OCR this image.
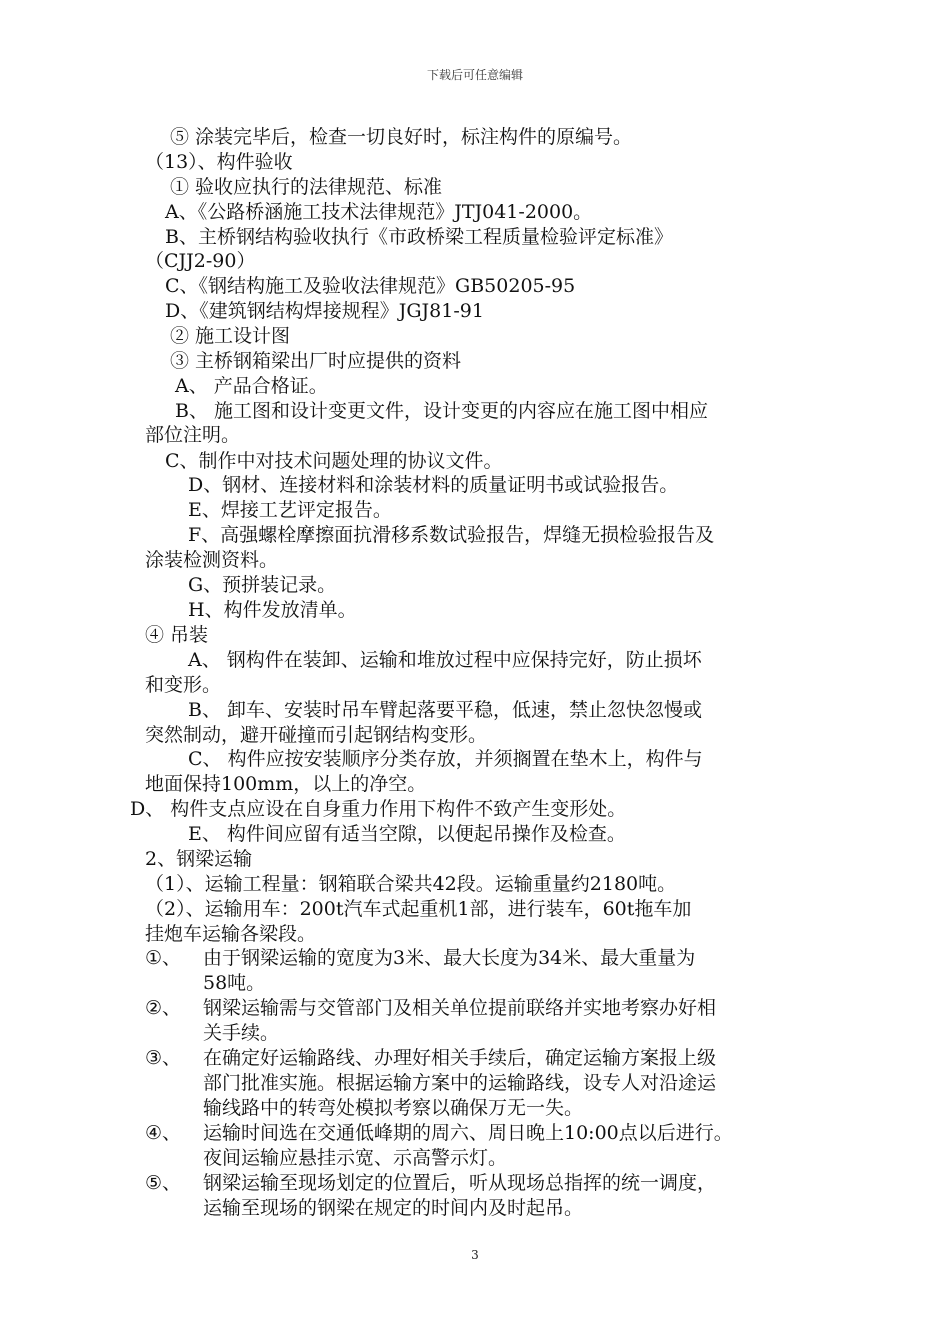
下载后可任意编辑
⑤ 涂装完毕后，检查一切良好时，标注构件的原编号。
（13）、构件验收
① 验收应执行的法律规范、标准
A、《公路桥涵施工技术法律规范》JTJ041-2000。
B、主桥钢结构验收执行《市政桥梁工程质量检验评定标准》
（CJJ2-90）
C、《钢结构施工及验收法律规范》GB50205-95
D、《建筑钢结构焊接规程》JGJ81-91
② 施工设计图
③ 主桥钢箱梁出厂时应提供的资料
A、 产品合格证。
B、 施工图和设计变更文件，设计变更的内容应在施工图中相应
部位注明。
C、制作中对技术问题处理的协议文件。
D、钢材、连接材料和涂装材料的质量证明书或试验报告。
E、焊接工艺评定报告。
F、高强螺栓摩擦面抗滑移系数试验报告，焊缝无损检验报告及
涂装检测资料。
G、预拼装记录。
H、构件发放清单。
④ 吊装
A、 钢构件在装卸、运输和堆放过程中应保持完好，防止损坏
和变形。
B、 卸车、安装时吊车臂起落要平稳，低速，禁止忽快忽慢或
突然制动，避开碰撞而引起钢结构变形。
C、 构件应按安装顺序分类存放，并须搁置在垫木上，构件与
地面保持100mm，以上的净空。
D、 构件支点应设在自身重力作用下构件不致产生变形处。
E、 构件间应留有适当空隙，以便起吊操作及检查。
2、钢梁运输
（1）、运输工程量：钢箱联合梁共42段。运输重量约2180吨。
（2）、运输用车：200t汽车式起重机1部，进行装车，60t拖车加
挂炮车运输各梁段。
①、 由于钢梁运输的宽度为3米、最大长度为34米、最大重量为
58吨。
②、 钢梁运输需与交管部门及相关单位提前联络并实地考察办好相
关手续。
③、 在确定好运输路线、办理好相关手续后，确定运输方案报上级
部门批准实施。根据运输方案中的运输路线，设专人对沿途运
输线路中的转弯处模拟考察以确保万无一失。
④、 运输时间选在交通低峰期的周六、周日晚上10:00点以后进行。
夜间运输应悬挂示宽、示高警示灯。
⑤、 钢梁运输至现场划定的位置后，听从现场总指挥的统一调度，
运输至现场的钢梁在规定的时间内及时起吊。
3
